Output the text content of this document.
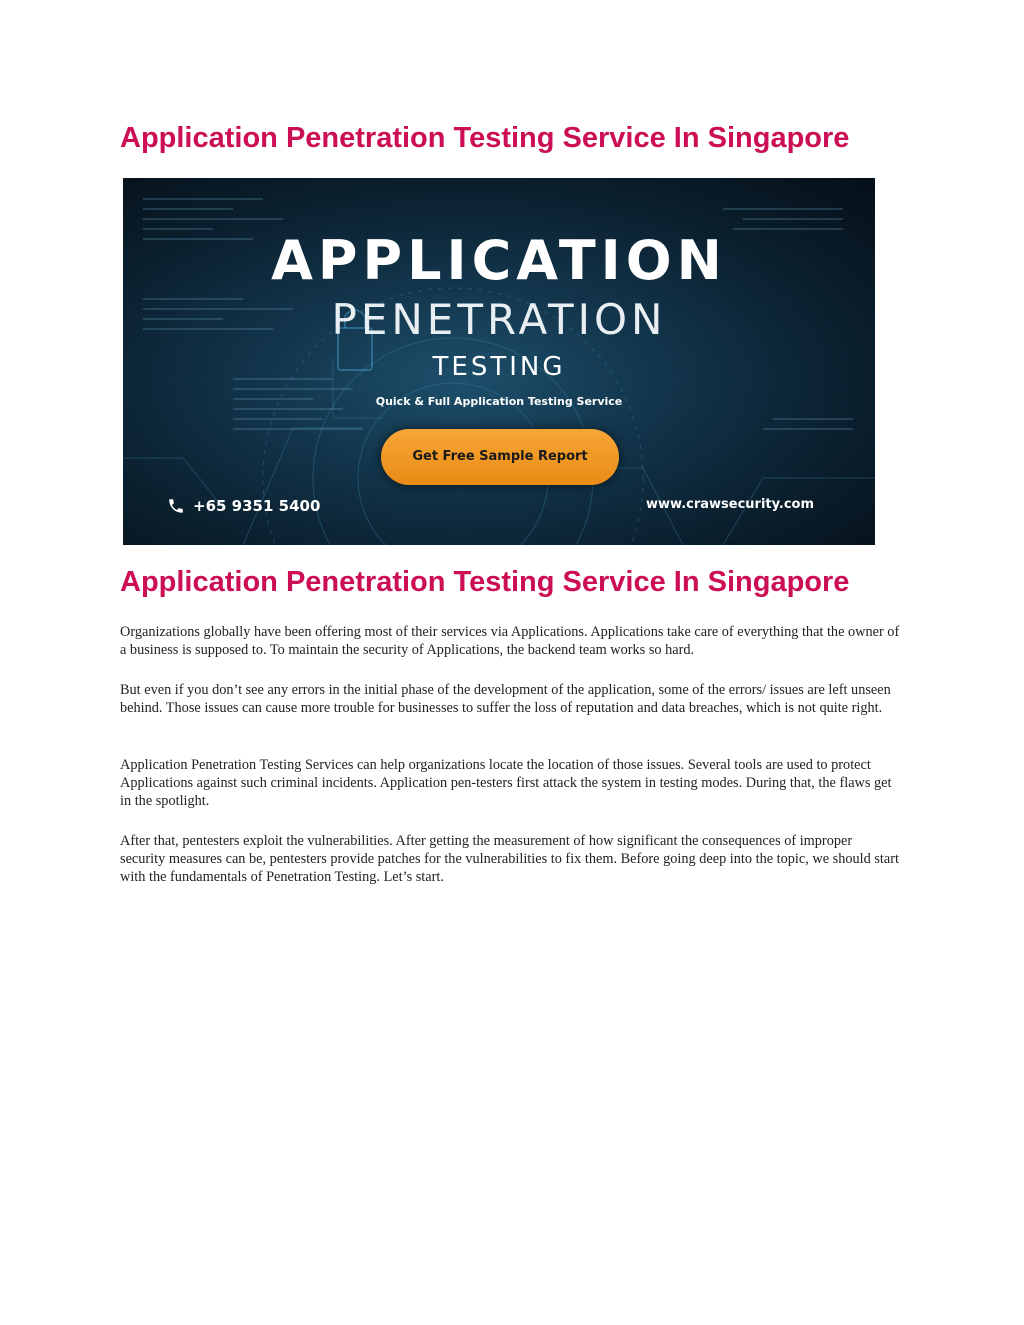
Application Penetration Testing Service In Singapore
APPLICATION
PENETRATION
TESTING
Quick & Full Application Testing Service
Get Free Sample Report
+65 9351 5400	www.crawsecurity.com
Application Penetration Testing Service In Singapore

Organizations globally have been offering most of their services via Applications. Applications take care of everything that the owner of a business is supposed to. To maintain the security of Applications, the backend team works so hard.

But even if you don’t see any errors in the initial phase of the development of the application, some of the errors/ issues are left unseen behind. Those issues can cause more trouble for businesses to suffer the loss of reputation and data breaches, which is not quite right.

Application Penetration Testing Services can help organizations locate the location of those issues. Several tools are used to protect Applications against such criminal incidents. Application pen-testers first attack the system in testing modes. During that, the flaws get in the spotlight.

After that, pentesters exploit the vulnerabilities. After getting the measurement of how significant the consequences of improper security measures can be, pentesters provide patches for the vulnerabilities to fix them. Before going deep into the topic, we should start with the fundamentals of Penetration Testing. Let’s start.
